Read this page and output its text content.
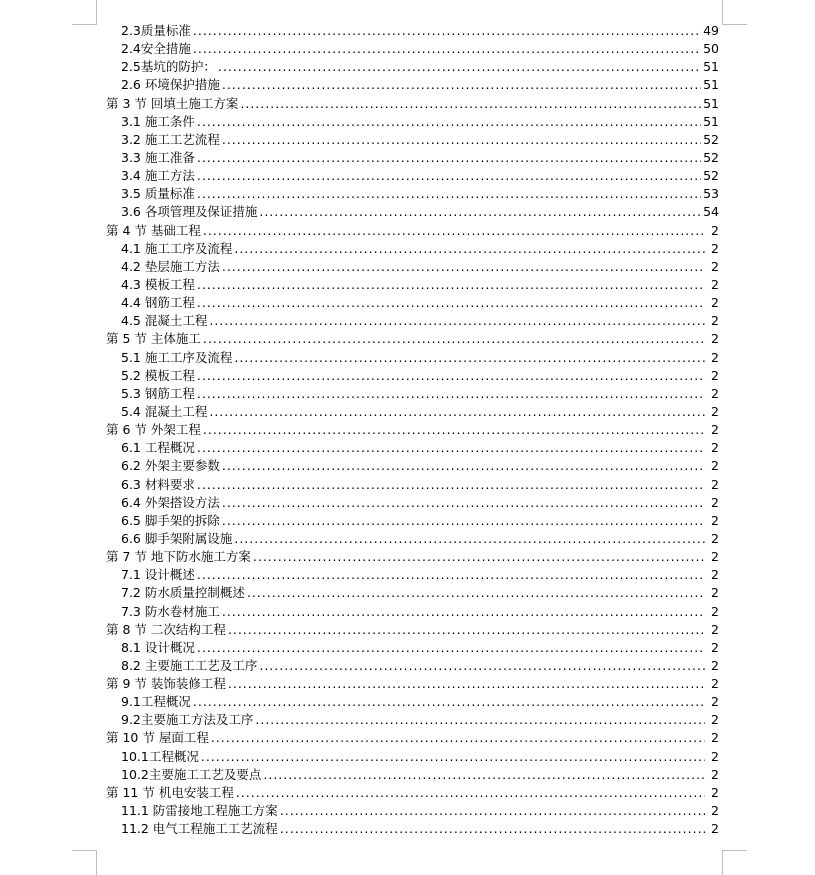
2.3质量标准 .....	49
2.4安全措施 .....	50
2.5基坑的防护： .....	51
2.6 环境保护措施 .....	51
第 3 节 回填土施工方案 .....	51
3.1 施工条件 .....	51
3.2 施工工艺流程 .....	52
3.3 施工准备 .....	52
3.4 施工方法 .....	52
3.5 质量标准 .....	53
3.6 各项管理及保证措施 .....	54
第 4 节 基础工程 .....	2
4.1 施工工序及流程 .....	2
4.2 垫层施工方法 .....	2
4.3 模板工程 .....	2
4.4 钢筋工程 .....	2
4.5 混凝土工程 .....	2
第 5 节 主体施工 .....	2
5.1 施工工序及流程 .....	2
5.2 模板工程 .....	2
5.3 钢筋工程 .....	2
5.4 混凝土工程 .....	2
第 6 节 外架工程 .....	2
6.1 工程概况 .....	2
6.2 外架主要参数 .....	2
6.3 材料要求 .....	2
6.4 外架搭设方法 .....	2
6.5 脚手架的拆除 .....	2
6.6 脚手架附属设施 .....	2
第 7 节 地下防水施工方案 .....	2
7.1 设计概述 .....	2
7.2 防水质量控制概述 .....	2
7.3 防水卷材施工 .....	2
第 8 节 二次结构工程 .....	2
8.1 设计概况 .....	2
8.2 主要施工工艺及工序 .....	2
第 9 节 装饰装修工程 .....	2
9.1工程概况 .....	2
9.2主要施工方法及工序 .....	2
第 10 节 屋面工程 .....	2
10.1工程概况 .....	2
10.2主要施工工艺及要点 .....	2
第 11 节 机电安装工程 .....	2
11.1 防雷接地工程施工方案 .....	2
11.2 电气工程施工工艺流程 .....	2
